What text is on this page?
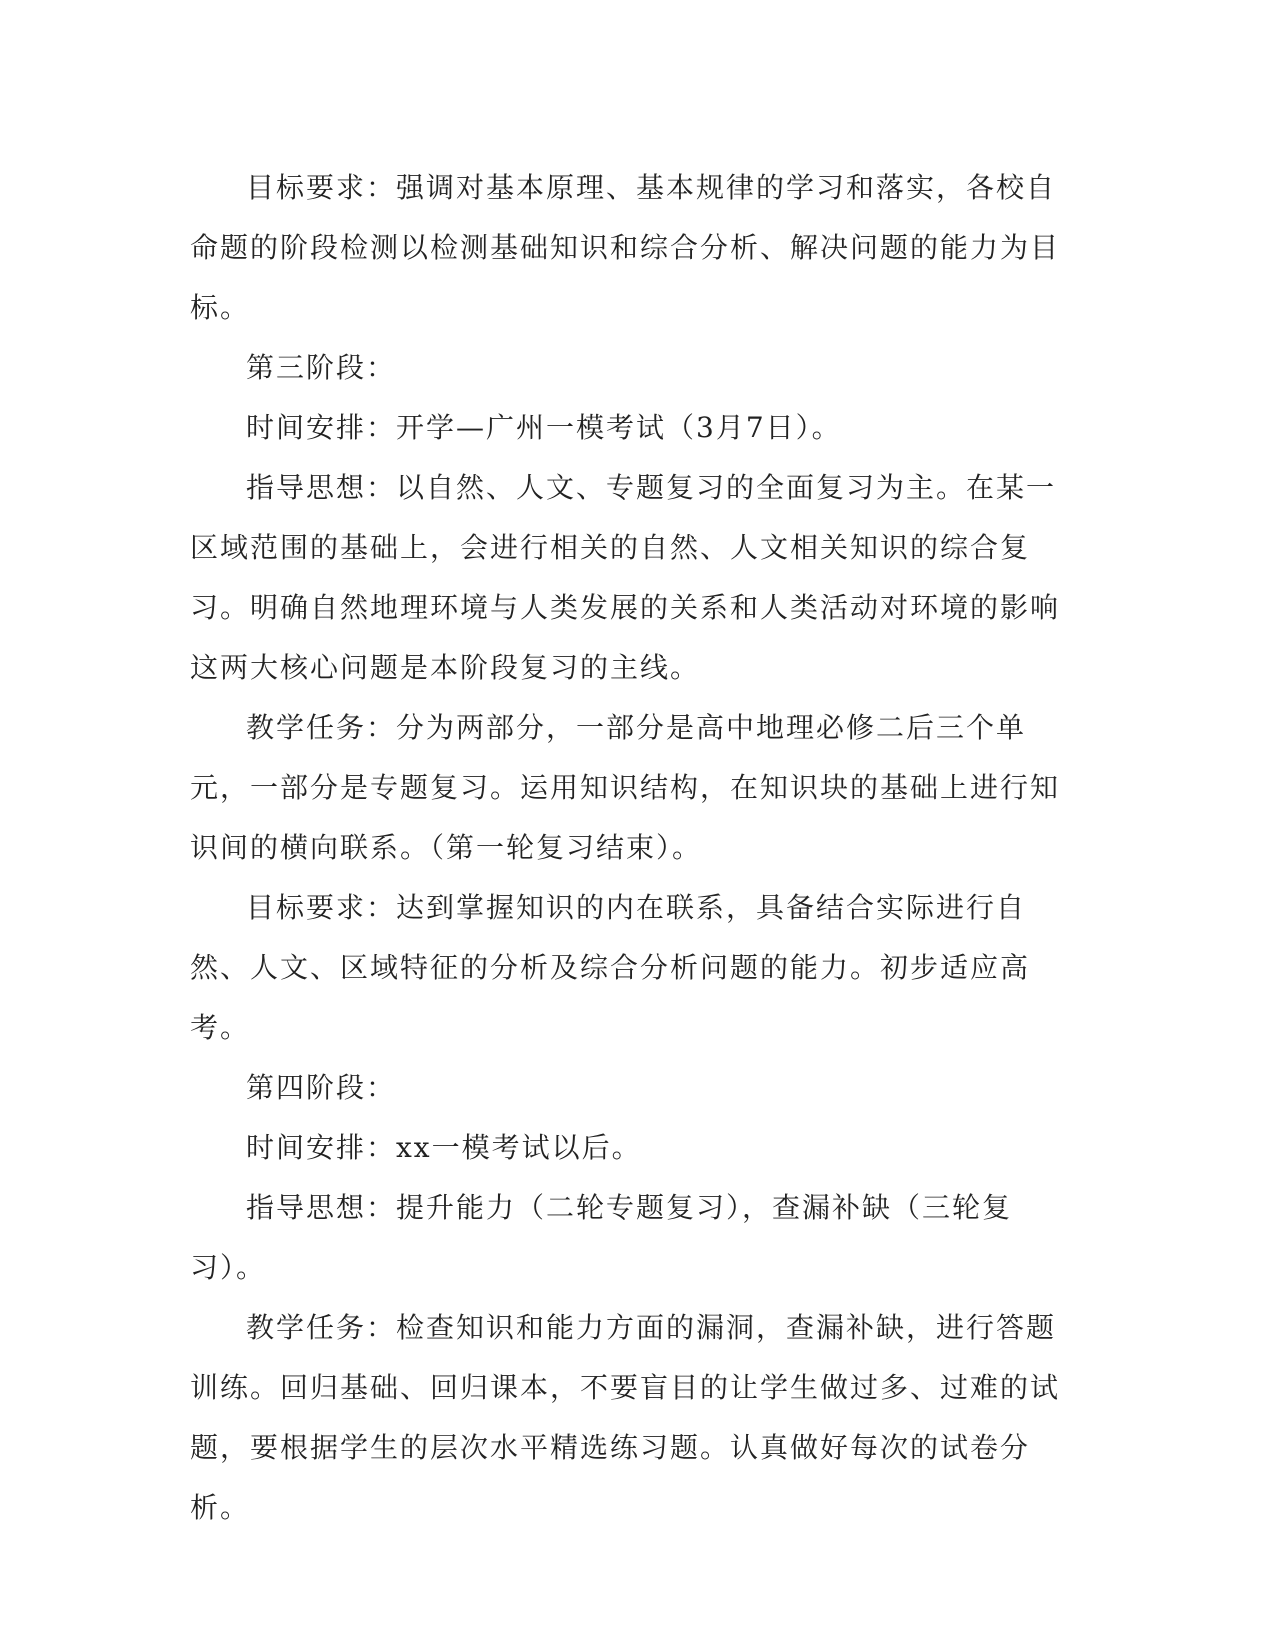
目标要求：强调对基本原理、基本规律的学习和落实，各校自命题的阶段检测以检测基础知识和综合分析、解决问题的能力为目标。

第三阶段：

时间安排：开学—广州一模考试（3月7日）。

指导思想：以自然、人文、专题复习的全面复习为主。在某一区域范围的基础上，会进行相关的自然、人文相关知识的综合复习。明确自然地理环境与人类发展的关系和人类活动对环境的影响这两大核心问题是本阶段复习的主线。

教学任务：分为两部分，一部分是高中地理必修二后三个单元，一部分是专题复习。运用知识结构，在知识块的基础上进行知识间的横向联系。（第一轮复习结束）。

目标要求：达到掌握知识的内在联系，具备结合实际进行自然、人文、区域特征的分析及综合分析问题的能力。初步适应高考。

第四阶段：

时间安排：xx一模考试以后。

指导思想：提升能力（二轮专题复习），查漏补缺（三轮复习）。

教学任务：检查知识和能力方面的漏洞，查漏补缺，进行答题训练。回归基础、回归课本，不要盲目的让学生做过多、过难的试题，要根据学生的层次水平精选练习题。认真做好每次的试卷分析。
